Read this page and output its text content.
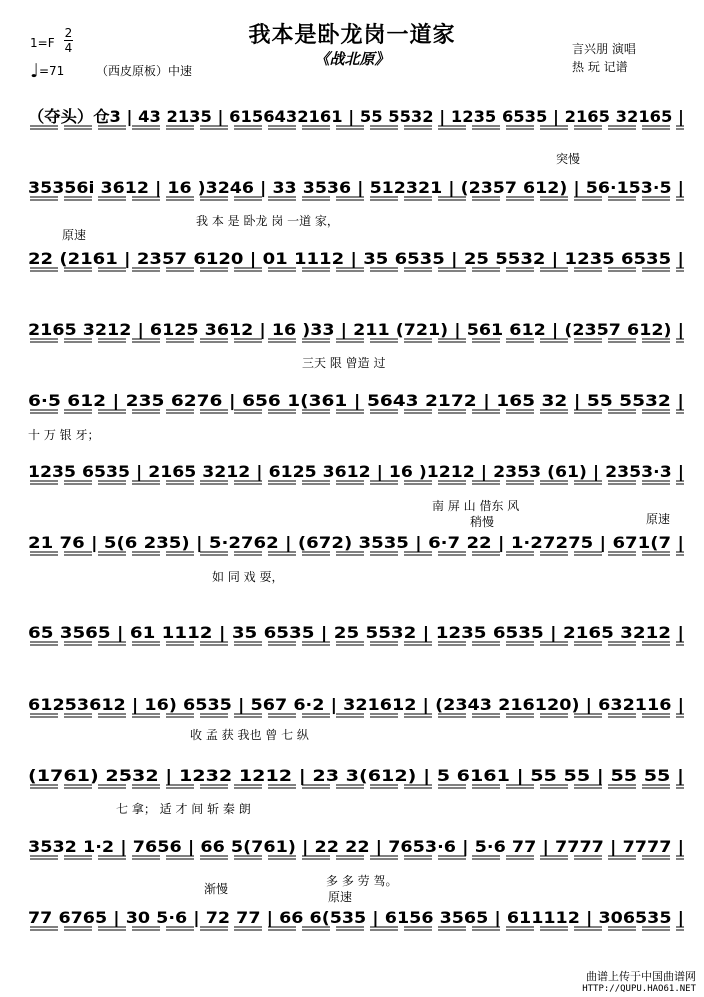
我本是卧龙岗一道家
《战北原》
1=F
2
4
♩=71	（西皮原板）中速
言兴朋 演唱
热 玩 记谱
（夺头）仓3 | 43 2135 | 6156432161 | 55 5532 | 1235 6535 | 2165 32165 |
35356i 3612 | 16 )3246 | 33 3536 | 512321 | (2357 612) | 56·153·5 |
22 (2161 | 2357 6120 | 01 1112 | 35 6535 | 25 5532 | 1235 6535 |
2165 3212 | 6125 3612 | 16 )33 | 211 (721) | 561 612 | (2357 612) |
6·5 612 | 235 6276 | 656 1(361 | 5643 2172 | 165 32 | 55 5532 |
1235 6535 | 2165 3212 | 6125 3612 | 16 )1212 | 2353 (61) | 2353·3 |
21 76 | 5(6 235) | 5·2762 | (672) 3535 | 6·7 22 | 1·27275 | 671(7 |
65 3565 | 61 1112 | 35 6535 | 25 5532 | 1235 6535 | 2165 3212 |
61253612 | 16) 6535 | 567 6·2 | 321612 | (2343 216120) | 632116 |
(1761) 2532 | 1232 1212 | 23 3(612) | 5 6161 | 55 55 | 55 55 |
3532 1·2 | 7656 | 66 5(761) | 22 22 | 7653·6 | 5·6 77 | 7777 | 7777 |
77 6765 | 30 5·6 | 72 77 | 66 6(535 | 6156 3565 | 611112 | 306535 |
我 本 是 卧龙 岗 一道 家，
三天 限 曾造 过
十 万 银 牙；
南 屏 山 借东 风
如 同 戏 耍，
收 孟 获 我也 曾 七 纵
七 拿； 适 才 间 斩 秦 朗
多 多 劳 驾。
突慢
原速
稍慢	原速
渐慢
原速
曲谱上传于中国曲谱网
HTTP://QUPU.HAO61.NET
